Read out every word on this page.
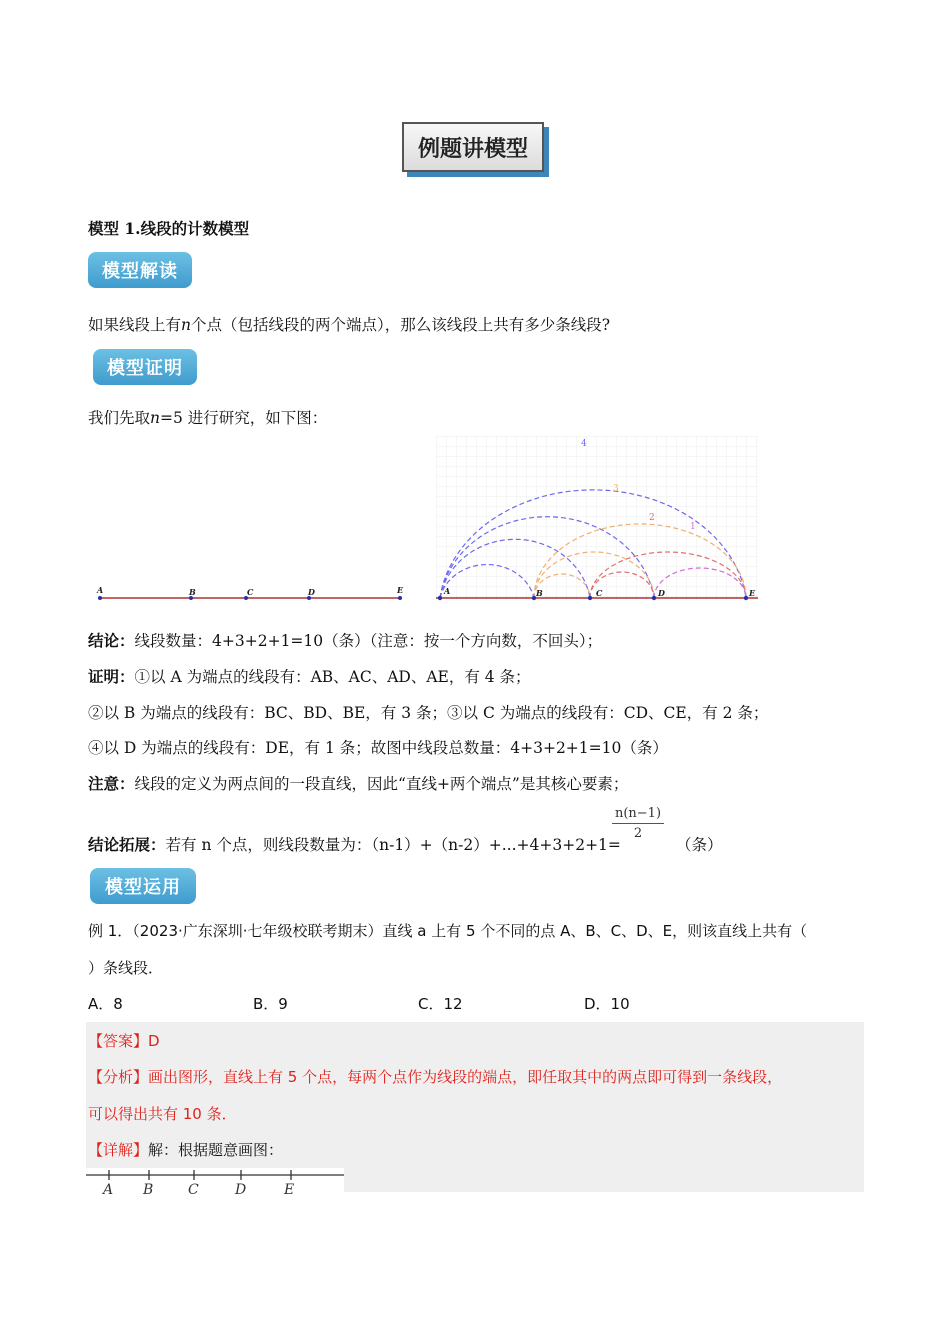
例题讲模型
模型 1.线段的计数模型
模型解读
如果线段上有n个点（包括线段的两个端点），那么该线段上共有多少条线段?
模型证明
我们先取n=5 进行研究，如下图：
A	B	C	D	E	A	B	C	D	E
4
3
2
1
结论：线段数量：4+3+2+1=10（条）（注意：按一个方向数，不回头）；
证明：①以 A 为端点的线段有：AB、AC、AD、AE，有 4 条；
②以 B 为端点的线段有：BC、BD、BE，有 3 条；③以 C 为端点的线段有：CD、CE，有 2 条；
④以 D 为端点的线段有：DE，有 1 条；故图中线段总数量：4+3+2+1=10（条）
注意：线段的定义为两点间的一段直线，因此“直线+两个端点”是其核心要素；
结论拓展：若有 n 个点，则线段数量为：（n-1）+（n-2）+...+4+3+2+1=
$\frac{n(n-1)}{2}$
（条）
模型运用
例 1．（2023·广东深圳·七年级校联考期末）直线 a 上有 5 个不同的点 A、B、C、D、E，则该直线上共有（
）条线段．
A．8	B．9	C．12	D．10
【答案】D
【分析】画出图形，直线上有 5 个点，每两个点作为线段的端点，即任取其中的两点即可得到一条线段，
可以得出共有 10 条．
【详解】解：根据题意画图：
A B C	D	E
